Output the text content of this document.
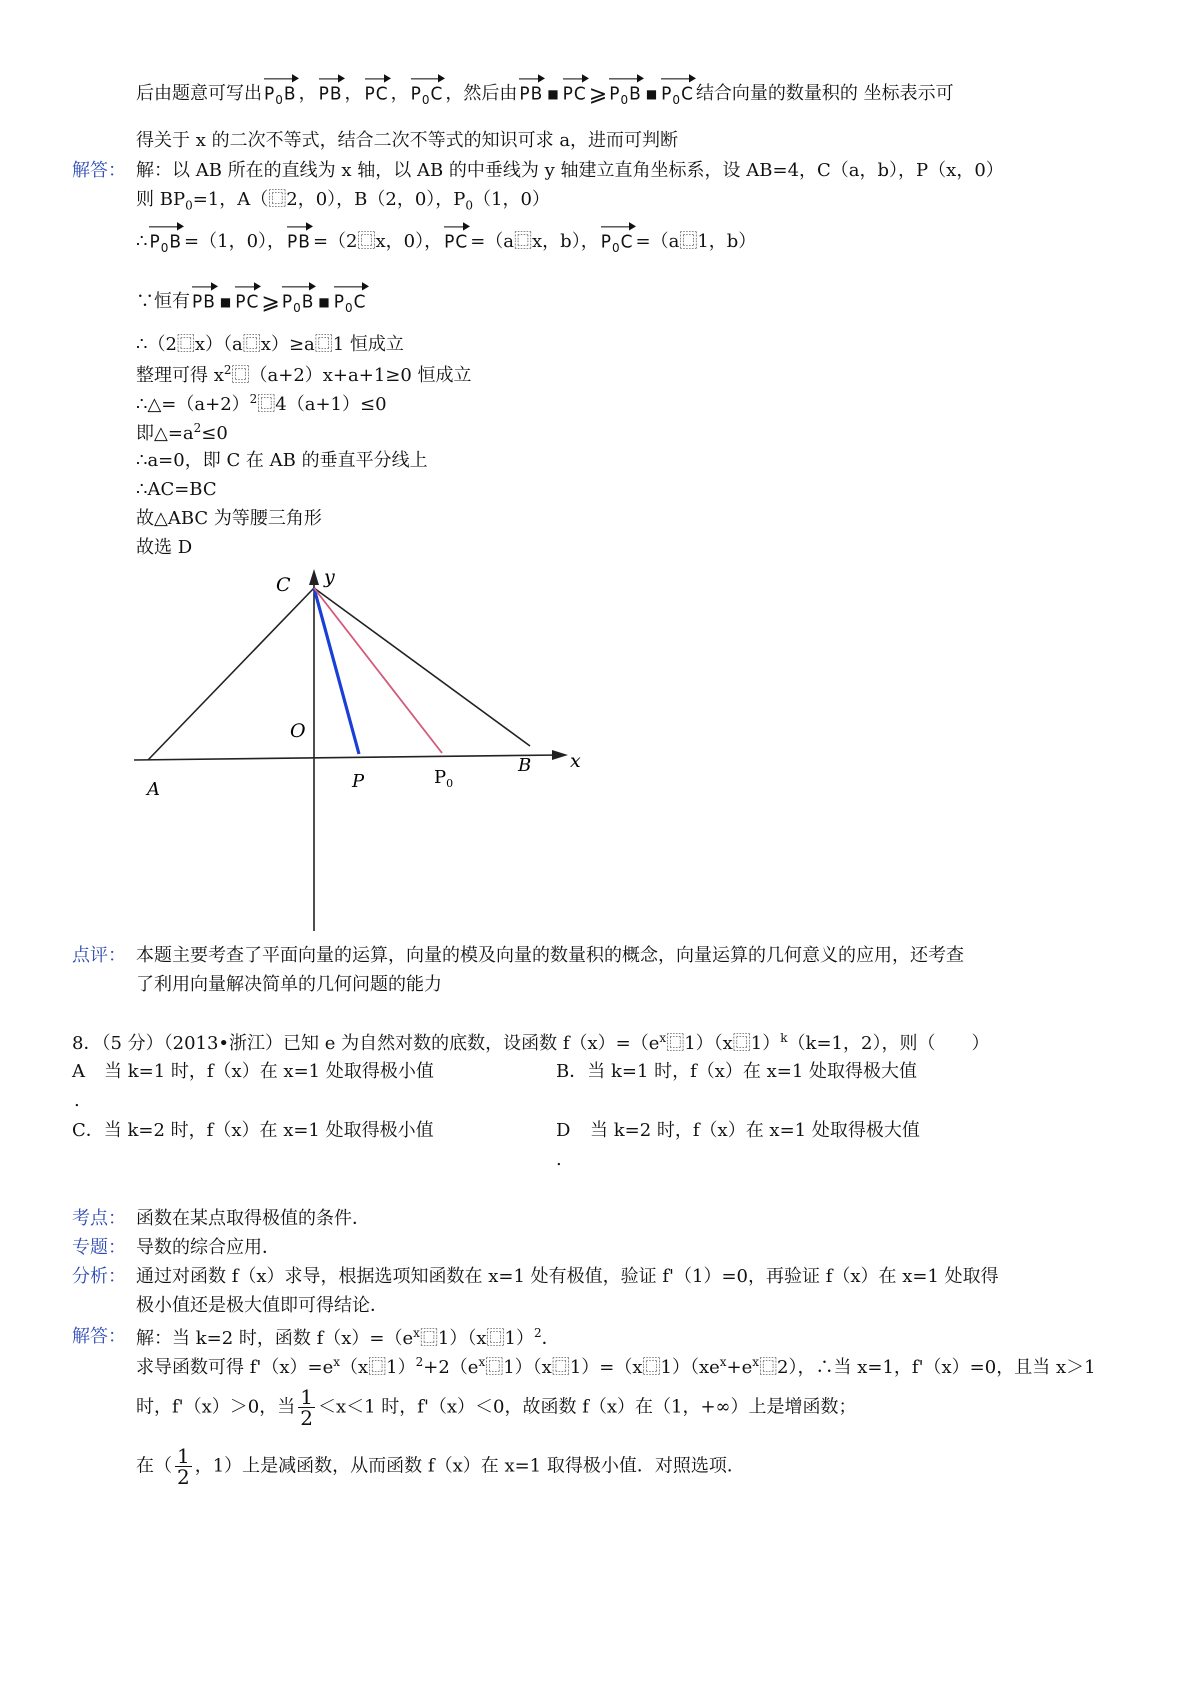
后由题意可写出 $P_0B$ ， PB ， PC ， $P_0C$ ，然后由 PB ■ PC⩾ $P_0B$ ■ $P_0C$ 结合向量的数量积的 坐标表示可
得关于 x 的二次不等式，结合二次不等式的知识可求 a，进而可判断
解答： 解：以 AB 所在的直线为 x 轴，以 AB 的中垂线为 y 轴建立直角坐标系，设 AB=4，C（a，b），P（x，0）
则 $BP_0=1$，A（⿴2，0），B（2，0），$P_0(1$，0）
∴ $P_0B =(1$，0）， PB =（2⿴x，0）， PC =（a⿴x，b）， $P_0C =(a$⿴1，b）
∵恒有 PB ■ PC⩾ $P_0B$ ■ $P_0C$
∴（2⿴x）（a⿴x）≥a⿴1 恒成立
整理可得 $x^2$⿴（a+2）x+a+1≥0 恒成立
$\therefore\triangle=(a+2)^2$⿴4（a+1）≤0
即$\triangle=a^2\le 0$
∴a=0，即 C 在 AB 的垂直平分线上
∴AC=BC
故△ABC 为等腰三角形
故选 D
C y
O
x
A	P	$P_0$
B
点评： 本题主要考查了平面向量的运算，向量的模及向量的数量积的概念，向量运算的几何意义的应用，还考查
了利用向量解决简单的几何问题的能力
8．（5 分）（2013•浙江）已知 e 为自然对数的底数，设函数 $f(x)=(e^x$⿴1）（x⿴1）$^k$（k=1，2），则（　　）
A
.
当 k=1 时，f（x）在 x=1 处取得极小值	B．当 k=1 时，f（x）在 x=1 处取得极大值
C．当 k=2 时，f（x）在 x=1 处取得极小值	D
.
当 k=2 时，f（x）在 x=1 处取得极大值
考点： 函数在某点取得极值的条件．
专题： 导数的综合应用．
分析： 通过对函数 f（x）求导，根据选项知函数在 x=1 处有极值，验证 f'（1）=0，再验证 f（x）在 x=1 处取得
极小值还是极大值即可得结论．
解答： 解：当 k=2 时，函数 $f(x)=(e^x$⿴1）（x⿴1）$^2$．
求导函数可得 $f'(x)=e^x(x$⿴$1)^2+2(e^x$⿴1）（x⿴1）=（x⿴$1)(xe^x+e^x$⿴2），∴当 x=1，f'（x）=0，且当 x＞1
时，f'（x）＞0，当 $\frac{1}{2} <x<1$ 时，f'（x）＜0，故函数 f（x）在（1，+∞）上是增函数；
在（ $\frac{1}{2}$ ，1）上是减函数，从而函数 f（x）在 x=1 取得极小值．对照选项．
